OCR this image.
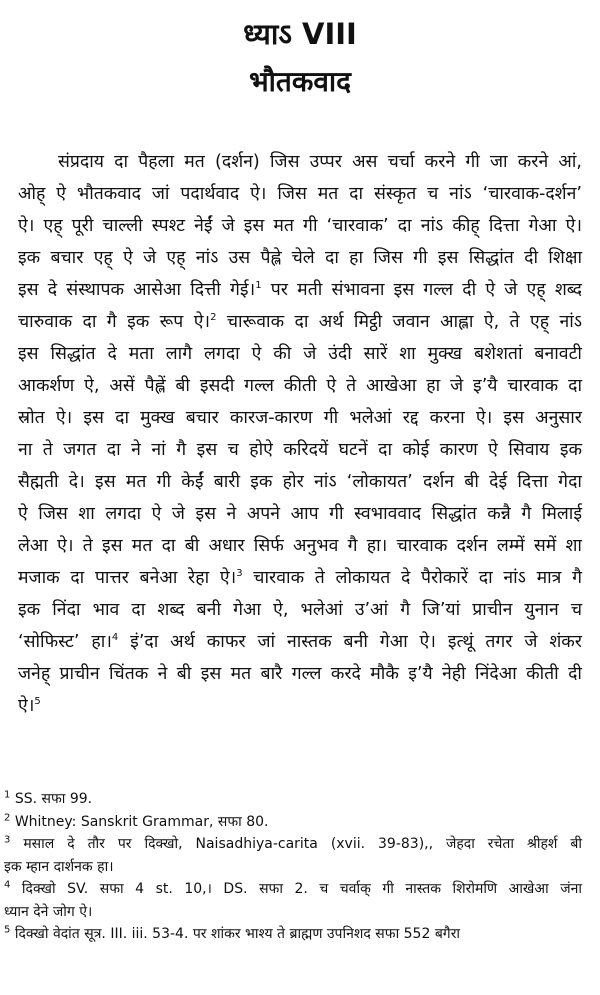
ध्याऽ VIII
भौतकवाद
संप्रदाय दा पैहला मत (दर्शन) जिस उप्पर अस चर्चा करने गी जा करने आं,
ओह् ऐ भौतकवाद जां पदार्थवाद ऐ। जिस मत दा संस्कृत च नांऽ ‘चारवाक-दर्शन’
ऐ। एह् पूरी चाल्ली स्पश्ट नेईं जे इस मत गी ‘चारवाक’ दा नांऽ कीह् दित्ता गेआ ऐ।
इक बचार एह् ऐ जे एह् नांऽ उस पैह्ले चेले दा हा जिस गी इस सिद्धांत दी शिक्षा
इस दे संस्थापक आसेआ दित्ती गेई।$^1$ पर मती संभावना इस गल्ल दी ऐ जे एह् शब्द
चारुवाक दा गै इक रूप ऐ।$^2$ चारूवाक दा अर्थ मिट्ठी जवान आह्ला ऐ, ते एह् नांऽ
इस सिद्धांत दे मता लागै लगदा ऐ की जे उंदी सारें शा मुक्ख बशेशतां बनावटी
आकर्शण ऐ, असें पैह्लें बी इसदी गल्ल कीती ऐ ते आखेआ हा जे इ’यै चारवाक दा
स्रोत ऐ। इस दा मुक्ख बचार कारज-कारण गी भलेआं रद्द करना ऐ। इस अनुसार
ना ते जगत दा ने नां गै इस च होऐ करिदयें घटनें दा कोई कारण ऐ सिवाय इक
सैह्मती दे। इस मत गी केईं बारी इक होर नांऽ ‘लोकायत’ दर्शन बी देई दित्ता गेदा
ऐ जिस शा लगदा ऐ जे इस ने अपने आप गी स्वभाववाद सिद्धांत कन्नै गै मिलाई
लेआ ऐ। ते इस मत दा बी अधार सिर्फ अनुभव गै हा। चारवाक दर्शन लम्में समें शा
मजाक दा पात्तर बनेआ रेहा ऐ।$^3$ चारवाक ते लोकायत दे पैरोकारें दा नांऽ मात्र गै
इक निंदा भाव दा शब्द बनी गेआ ऐ, भलेआं उ’आं गै जि’यां प्राचीन युनान च
‘सोफिस्ट’ हा।$^4$ इं’दा अर्थ काफर जां नास्तक बनी गेआ ऐ। इत्थूं तगर जे शंकर
जनेह् प्राचीन चिंतक ने बी इस मत बारै गल्ल करदे मौकै इ’यै नेही निंदेआ कीती दी
ऐ।$^5$
$^1$ SS. सफा 99.
$^2$ Whitney: Sanskrit Grammar, सफा 80.
$^3$ मसाल दे तौर पर दिक्खो, Naisadhiya-carita (xvii. 39-83),, जेहदा रचेता श्रीहर्श बी
इक म्हान दार्शनक हा।
$^4$ दिक्खो SV. सफा 4 st. 10,। DS. सफा 2. च चर्वाक् गी नास्तक शिरोमणि आखेआ जंना
ध्यान देने जोग ऐ।
$^5$ दिक्खो वेदांत सूत्र. III. iii. 53-4. पर शांकर भाश्य ते ब्राह्मण उपनिशद सफा 552 बगैरा
